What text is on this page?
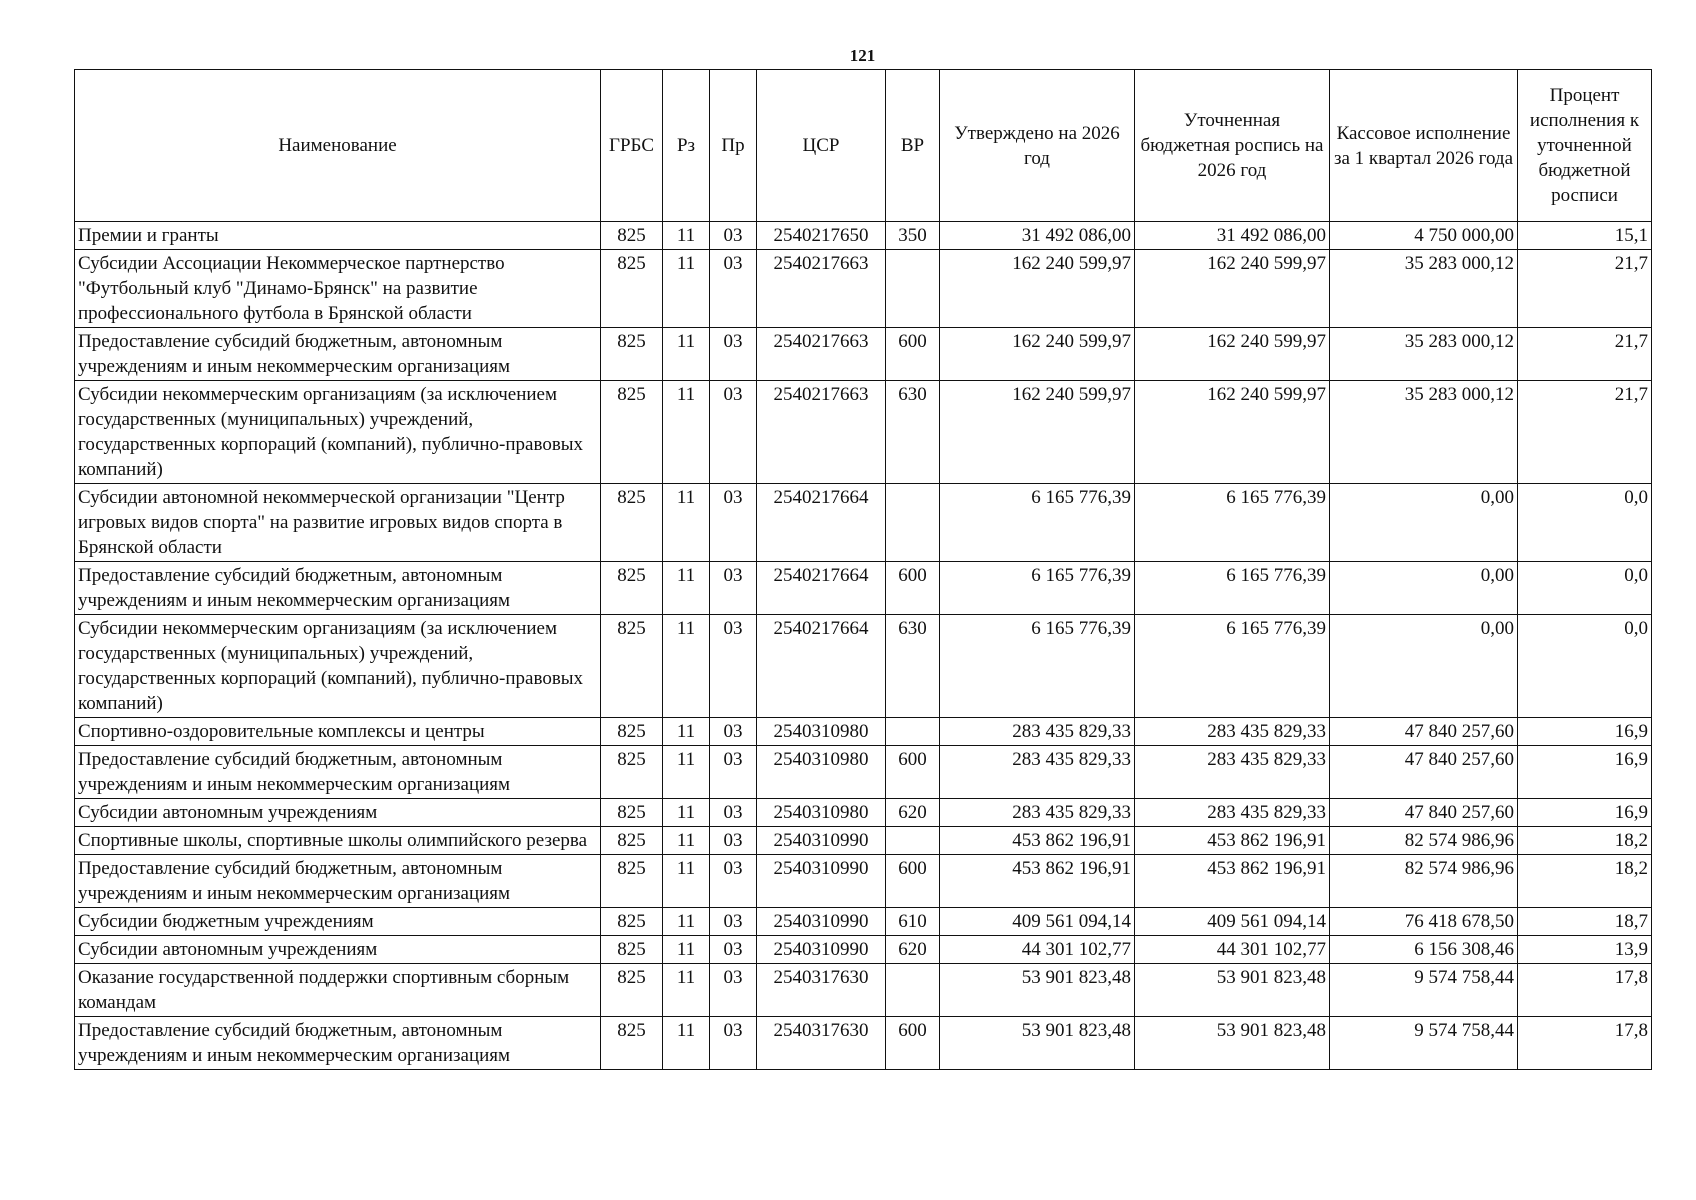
121
Наименование	ГРБС	Рз	Пр	ЦСР	ВР	Утверждено на 2026 год	Уточненная бюджетная роспись на 2026 год	Кассовое исполнение за 1 квартал 2026 года	Процент исполнения к уточненной бюджетной росписи
Премии и гранты	825	11	03	2540217650	350	31 492 086,00	31 492 086,00	4 750 000,00	15,1
Субсидии Ассоциации Некоммерческое партнерство "Футбольный клуб "Динамо-Брянск" на развитие профессионального футбола в Брянской области	825	11	03	2540217663		162 240 599,97	162 240 599,97	35 283 000,12	21,7
Предоставление субсидий бюджетным, автономным учреждениям и иным некоммерческим организациям	825	11	03	2540217663	600	162 240 599,97	162 240 599,97	35 283 000,12	21,7
Субсидии некоммерческим организациям (за исключением государственных (муниципальных) учреждений, государственных корпораций (компаний), публично-правовых компаний)	825	11	03	2540217663	630	162 240 599,97	162 240 599,97	35 283 000,12	21,7
Субсидии автономной некоммерческой организации "Центр игровых видов спорта" на развитие игровых видов спорта в Брянской области	825	11	03	2540217664		6 165 776,39	6 165 776,39	0,00	0,0
Предоставление субсидий бюджетным, автономным учреждениям и иным некоммерческим организациям	825	11	03	2540217664	600	6 165 776,39	6 165 776,39	0,00	0,0
Субсидии некоммерческим организациям (за исключением государственных (муниципальных) учреждений, государственных корпораций (компаний), публично-правовых компаний)	825	11	03	2540217664	630	6 165 776,39	6 165 776,39	0,00	0,0
Спортивно-оздоровительные комплексы и центры	825	11	03	2540310980		283 435 829,33	283 435 829,33	47 840 257,60	16,9
Предоставление субсидий бюджетным, автономным учреждениям и иным некоммерческим организациям	825	11	03	2540310980	600	283 435 829,33	283 435 829,33	47 840 257,60	16,9
Субсидии автономным учреждениям	825	11	03	2540310980	620	283 435 829,33	283 435 829,33	47 840 257,60	16,9
Спортивные школы, спортивные школы олимпийского резерва	825	11	03	2540310990		453 862 196,91	453 862 196,91	82 574 986,96	18,2
Предоставление субсидий бюджетным, автономным учреждениям и иным некоммерческим организациям	825	11	03	2540310990	600	453 862 196,91	453 862 196,91	82 574 986,96	18,2
Субсидии бюджетным учреждениям	825	11	03	2540310990	610	409 561 094,14	409 561 094,14	76 418 678,50	18,7
Субсидии автономным учреждениям	825	11	03	2540310990	620	44 301 102,77	44 301 102,77	6 156 308,46	13,9
Оказание государственной поддержки спортивным сборным командам	825	11	03	2540317630		53 901 823,48	53 901 823,48	9 574 758,44	17,8
Предоставление субсидий бюджетным, автономным учреждениям и иным некоммерческим организациям	825	11	03	2540317630	600	53 901 823,48	53 901 823,48	9 574 758,44	17,8
